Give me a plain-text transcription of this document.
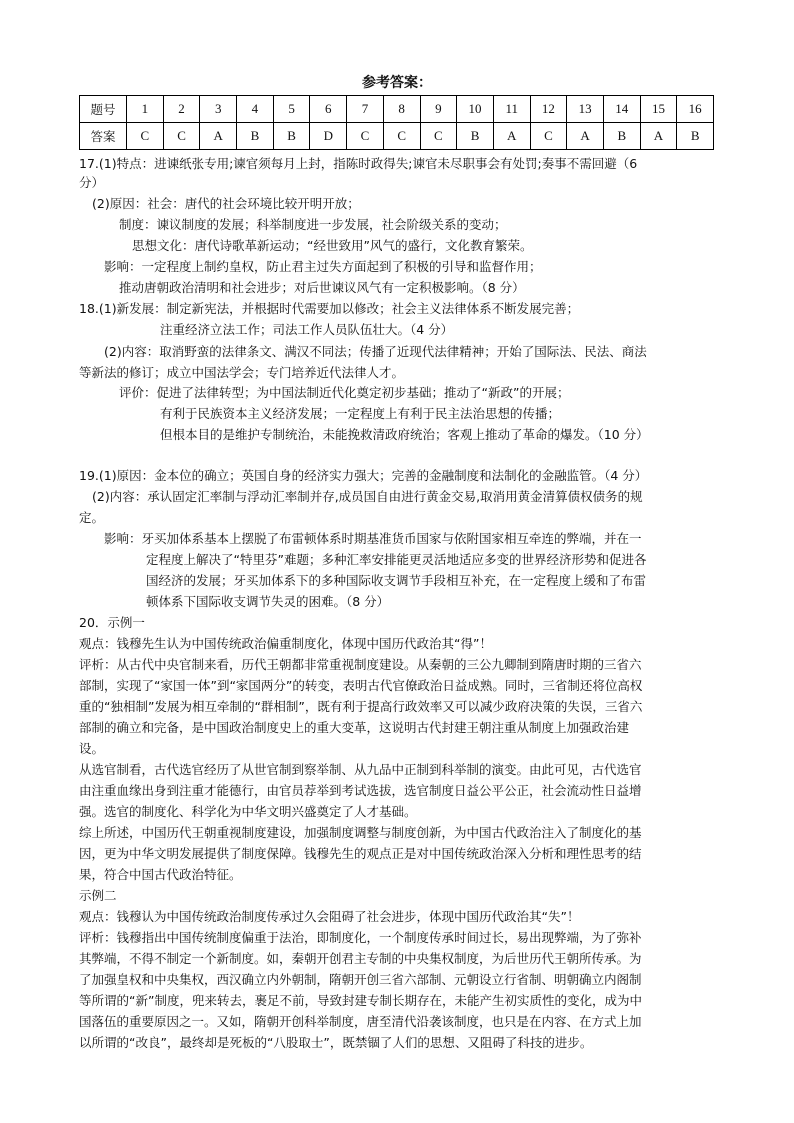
参考答案：
题号	1	2	3	4	5	6	7	8	9	10	11	12	13	14	15	16
答案	C	C	A	B	B	D	C	C	C	B	A	C	A	B	A	B
17.(1)特点：进谏纸张专用;谏官须每月上封，指陈时政得失;谏官未尽职事会有处罚;奏事不需回避（6
分）
(2)原因：社会：唐代的社会环境比较开明开放；
制度：谏议制度的发展；科举制度进一步发展，社会阶级关系的变动；
思想文化：唐代诗歌革新运动；“经世致用”风气的盛行，文化教育繁荣。
影响：一定程度上制约皇权，防止君主过失方面起到了积极的引导和监督作用；
推动唐朝政治清明和社会进步；对后世谏议风气有一定积极影响。（8 分）
18.(1)新发展：制定新宪法，并根据时代需要加以修改；社会主义法律体系不断发展完善；
注重经济立法工作；司法工作人员队伍壮大。（4 分）
(2)内容：取消野蛮的法律条文、满汉不同法；传播了近现代法律精神；开始了国际法、民法、商法
等新法的修订；成立中国法学会；专门培养近代法律人才。
评价：促进了法律转型；为中国法制近代化奠定初步基础；推动了“新政”的开展；
有利于民族资本主义经济发展；一定程度上有利于民主法治思想的传播；
但根本目的是维护专制统治，未能挽救清政府统治；客观上推动了革命的爆发。（10 分）
19.(1)原因：金本位的确立；英国自身的经济实力强大；完善的金融制度和法制化的金融监管。（4 分）
(2)内容：承认固定汇率制与浮动汇率制并存,成员国自由进行黄金交易,取消用黄金清算债权债务的规
定。
影响：牙买加体系基本上摆脱了布雷顿体系时期基准货币国家与依附国家相互牵连的弊端，并在一
定程度上解决了“特里芬”难题；多种汇率安排能更灵活地适应多变的世界经济形势和促进各
国经济的发展；牙买加体系下的多种国际收支调节手段相互补充，在一定程度上缓和了布雷
顿体系下国际收支调节失灵的困难。（8 分）
20．示例一
观点：钱穆先生认为中国传统政治偏重制度化，体现中国历代政治其“得”！
评析：从古代中央官制来看，历代王朝都非常重视制度建设。从秦朝的三公九卿制到隋唐时期的三省六
部制，实现了“家国一体”到“家国两分”的转变，表明古代官僚政治日益成熟。同时，三省制还将位高权
重的“独相制”发展为相互牵制的“群相制”，既有利于提高行政效率又可以减少政府决策的失误，三省六
部制的确立和完备，是中国政治制度史上的重大变革，这说明古代封建王朝注重从制度上加强政治建
设。
从选官制看，古代选官经历了从世官制到察举制、从九品中正制到科举制的演变。由此可见，古代选官
由注重血缘出身到注重才能德行，由官员荐举到考试选拔，选官制度日益公平公正，社会流动性日益增
强。选官的制度化、科学化为中华文明兴盛奠定了人才基础。
综上所述，中国历代王朝重视制度建设，加强制度调整与制度创新，为中国古代政治注入了制度化的基
因，更为中华文明发展提供了制度保障。钱穆先生的观点正是对中国传统政治深入分析和理性思考的结
果，符合中国古代政治特征。
示例二
观点：钱穆认为中国传统政治制度传承过久会阻碍了社会进步，体现中国历代政治其“失”！
评析：钱穆指出中国传统制度偏重于法治，即制度化，一个制度传承时间过长，易出现弊端，为了弥补
其弊端，不得不制定一个新制度。如，秦朝开创君主专制的中央集权制度，为后世历代王朝所传承。为
了加强皇权和中央集权，西汉确立内外朝制，隋朝开创三省六部制、元朝设立行省制、明朝确立内阁制
等所谓的“新”制度，兜来转去，裹足不前，导致封建专制长期存在，未能产生初实质性的变化，成为中
国落伍的重要原因之一。又如，隋朝开创科举制度，唐至清代沿袭该制度，也只是在内容、在方式上加
以所谓的“改良”，最终却是死板的“八股取士”，既禁锢了人们的思想、又阻碍了科技的进步。
